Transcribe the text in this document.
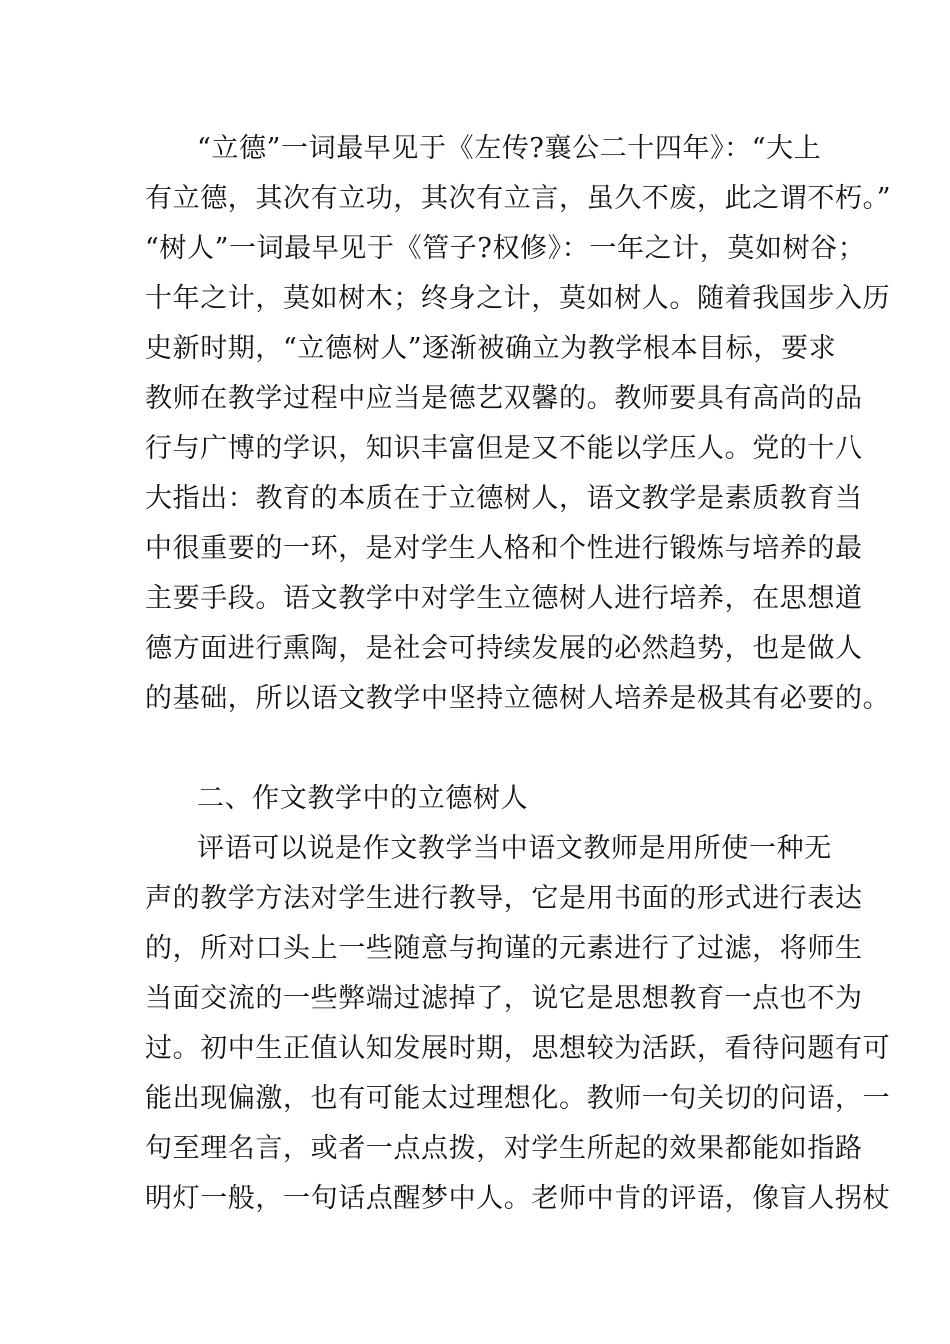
“立德”一词最早见于《左传?襄公二十四年》：“大上
有立德，其次有立功，其次有立言，虽久不废，此之谓不朽。”
“树人”一词最早见于《管子?权修》：一年之计，莫如树谷；
十年之计，莫如树木；终身之计，莫如树人。随着我国步入历
史新时期，“立德树人”逐渐被确立为教学根本目标，要求
教师在教学过程中应当是德艺双馨的。教师要具有高尚的品
行与广博的学识，知识丰富但是又不能以学压人。党的十八
大指出：教育的本质在于立德树人，语文教学是素质教育当
中很重要的一环，是对学生人格和个性进行锻炼与培养的最
主要手段。语文教学中对学生立德树人进行培养，在思想道
德方面进行熏陶，是社会可持续发展的必然趋势，也是做人
的基础，所以语文教学中坚持立德树人培养是极其有必要的。
二、作文教学中的立德树人
评语可以说是作文教学当中语文教师是用所使一种无
声的教学方法对学生进行教导，它是用书面的形式进行表达
的，所对口头上一些随意与拘谨的元素进行了过滤，将师生
当面交流的一些弊端过滤掉了，说它是思想教育一点也不为
过。初中生正值认知发展时期，思想较为活跃，看待问题有可
能出现偏激，也有可能太过理想化。教师一句关切的问语，一
句至理名言，或者一点点拨，对学生所起的效果都能如指路
明灯一般，一句话点醒梦中人。老师中肯的评语，像盲人拐杖
